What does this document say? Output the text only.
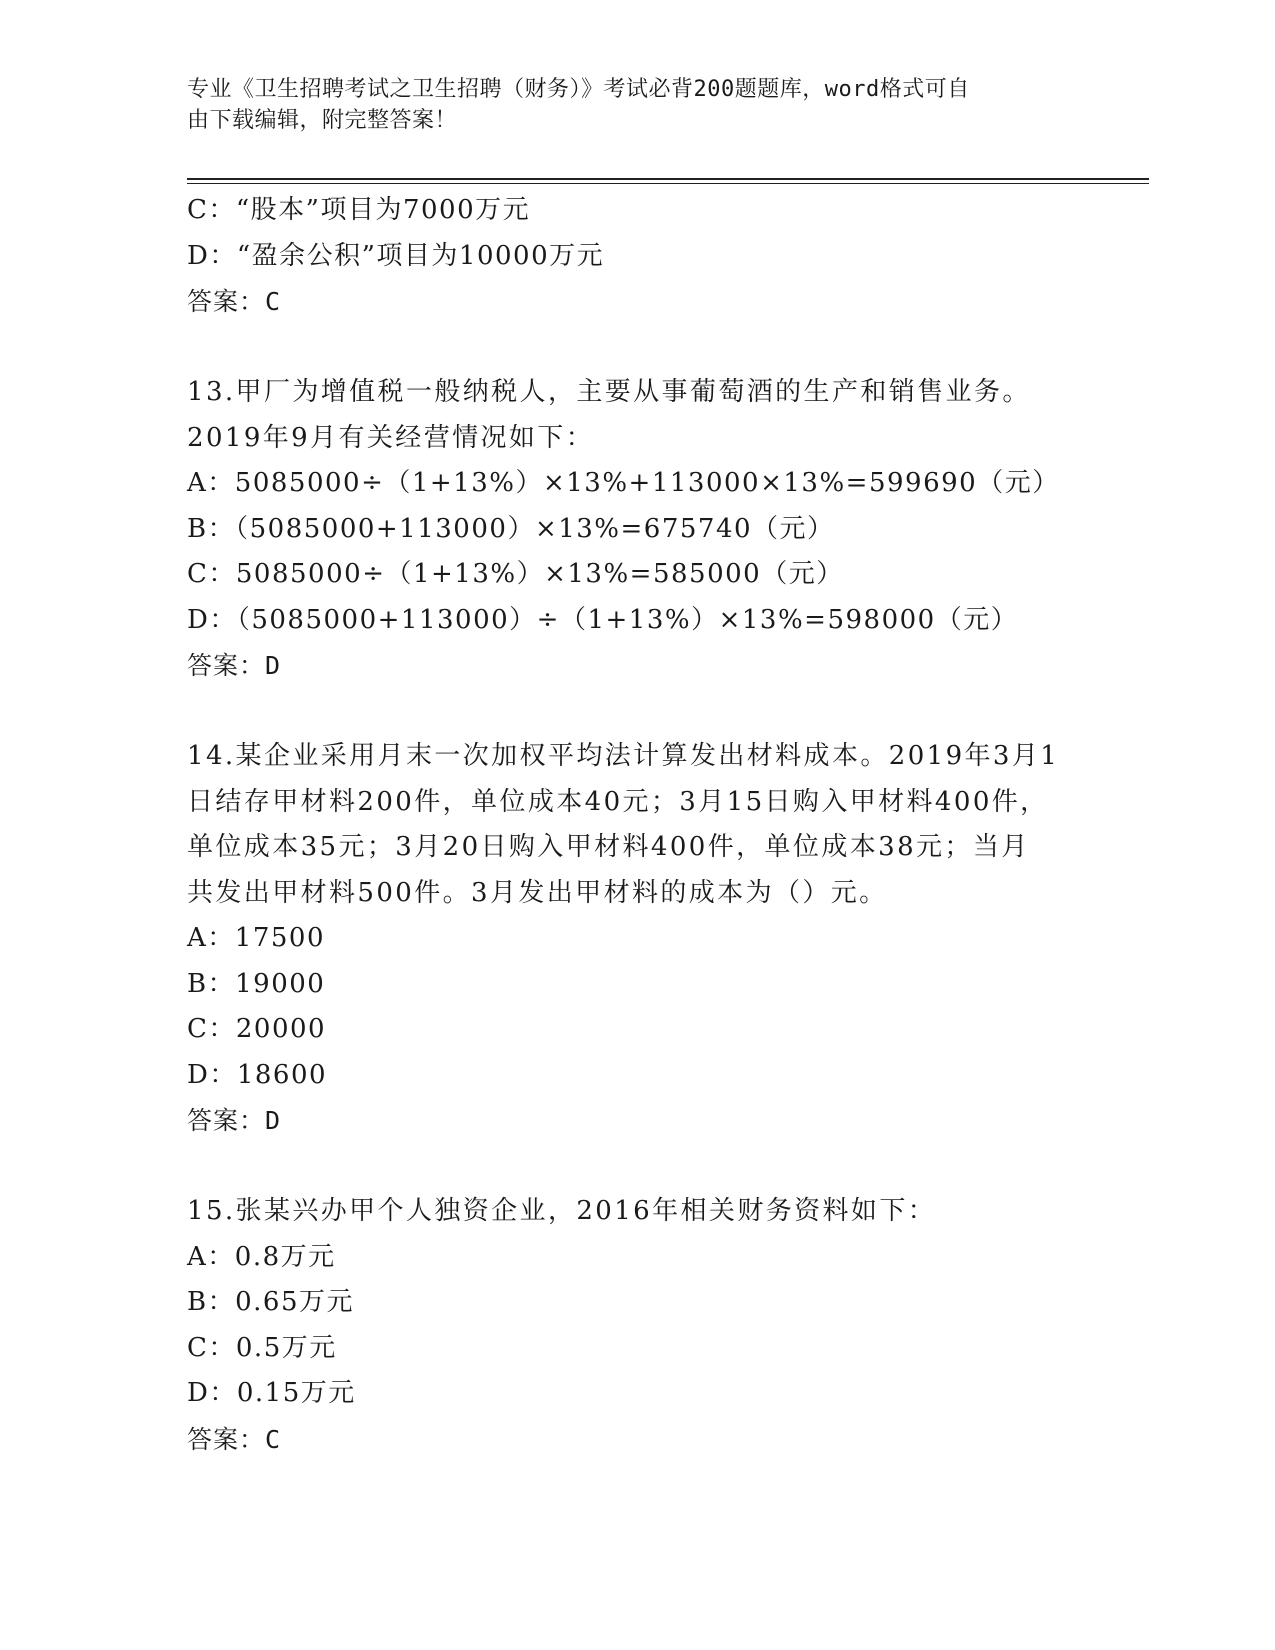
专业《卫生招聘考试之卫生招聘（财务）》考试必背200题题库，word格式可自
由下载编辑，附完整答案！
C：“股本”项目为7000万元
D：“盈余公积”项目为10000万元
答案：C
13.甲厂为增值税一般纳税人，主要从事葡萄酒的生产和销售业务。
2019年9月有关经营情况如下：
A：5085000÷（1+13%）×13%+113000×13%=599690（元）
B：（5085000+113000）×13%=675740（元）
C：5085000÷（1+13%）×13%=585000（元）
D：（5085000+113000）÷（1+13%）×13%=598000（元）
答案：D
14.某企业采用月末一次加权平均法计算发出材料成本。2019年3月1
日结存甲材料200件，单位成本40元；3月15日购入甲材料400件，
单位成本35元；3月20日购入甲材料400件，单位成本38元；当月
共发出甲材料500件。3月发出甲材料的成本为（）元。
A：17500
B：19000
C：20000
D：18600
答案：D
15.张某兴办甲个人独资企业，2016年相关财务资料如下：
A：0.8万元
B：0.65万元
C：0.5万元
D：0.15万元
答案：C
